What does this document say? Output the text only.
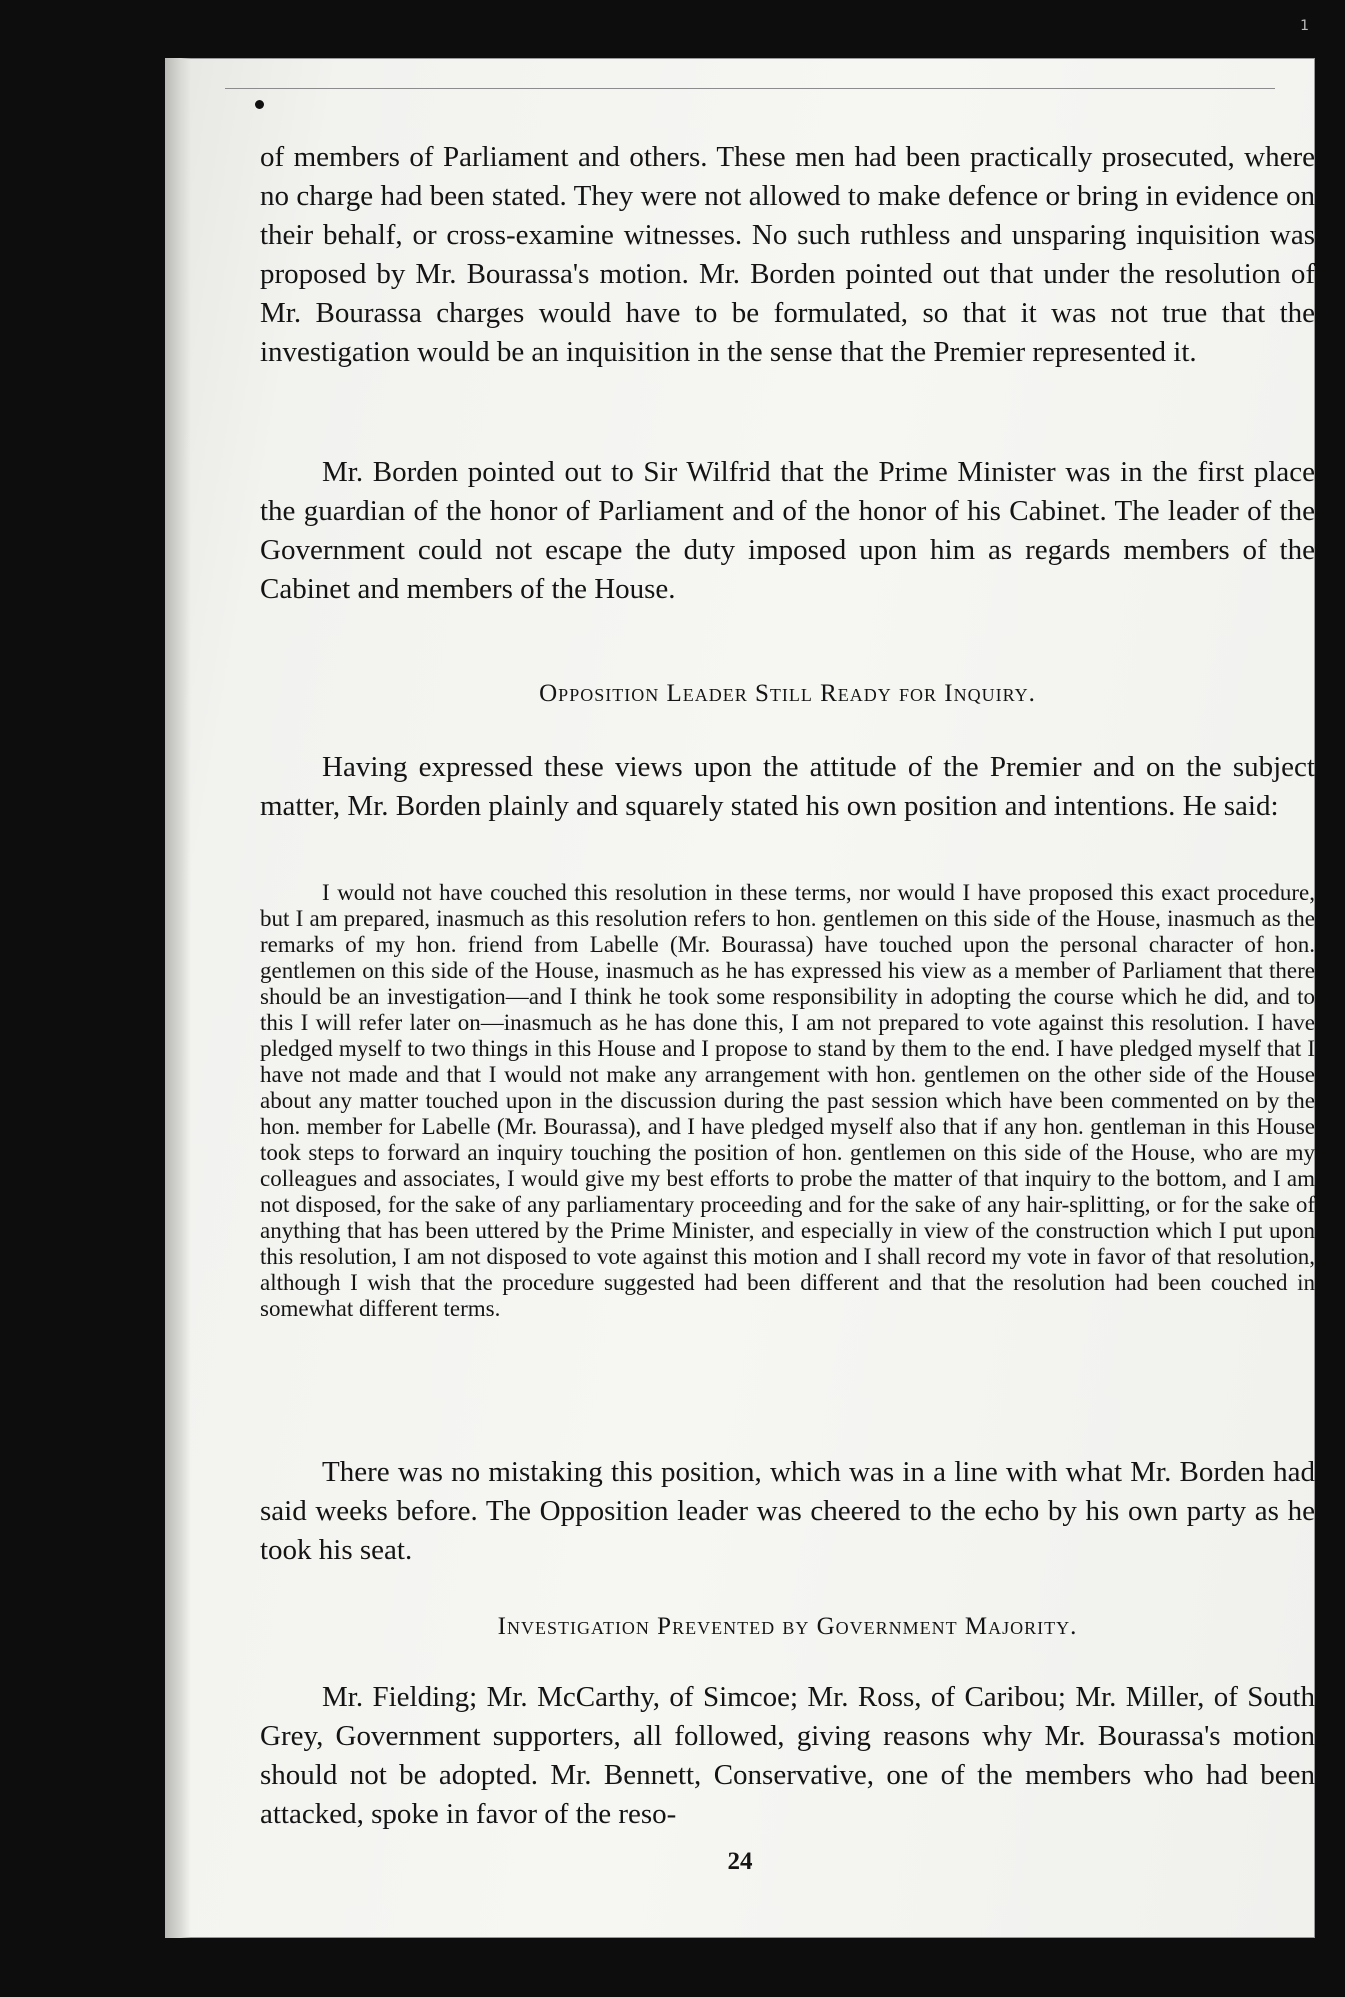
1

of members of Parliament and others. These men had been practically prosecuted, where no charge had been stated. They were not allowed to make defence or bring in evidence on their behalf, or cross-examine witnesses. No such ruthless and unsparing inquisition was proposed by Mr. Bourassa's motion. Mr. Borden pointed out that under the resolution of Mr. Bourassa charges would have to be formulated, so that it was not true that the investigation would be an inquisition in the sense that the Premier represented it.

Mr. Borden pointed out to Sir Wilfrid that the Prime Minister was in the first place the guardian of the honor of Parliament and of the honor of his Cabinet. The leader of the Government could not escape the duty imposed upon him as regards members of the Cabinet and members of the House.

Opposition Leader Still Ready for Inquiry.

Having expressed these views upon the attitude of the Premier and on the subject matter, Mr. Borden plainly and squarely stated his own position and intentions. He said:

I would not have couched this resolution in these terms, nor would I have proposed this exact procedure, but I am prepared, inasmuch as this resolution refers to hon. gentlemen on this side of the House, inasmuch as the remarks of my hon. friend from Labelle (Mr. Bourassa) have touched upon the personal character of hon. gentlemen on this side of the House, inasmuch as he has expressed his view as a member of Parliament that there should be an investigation—and I think he took some responsibility in adopting the course which he did, and to this I will refer later on—inasmuch as he has done this, I am not prepared to vote against this resolution. I have pledged myself to two things in this House and I propose to stand by them to the end. I have pledged myself that I have not made and that I would not make any arrangement with hon. gentlemen on the other side of the House about any matter touched upon in the discussion during the past session which have been commented on by the hon. member for Labelle (Mr. Bourassa), and I have pledged myself also that if any hon. gentleman in this House took steps to forward an inquiry touching the position of hon. gentlemen on this side of the House, who are my colleagues and associates, I would give my best efforts to probe the matter of that inquiry to the bottom, and I am not disposed, for the sake of any parliamentary proceeding and for the sake of any hair-splitting, or for the sake of anything that has been uttered by the Prime Minister, and especially in view of the construction which I put upon this resolution, I am not disposed to vote against this motion and I shall record my vote in favor of that resolution, although I wish that the procedure suggested had been different and that the resolution had been couched in somewhat different terms.

There was no mistaking this position, which was in a line with what Mr. Borden had said weeks before. The Opposition leader was cheered to the echo by his own party as he took his seat.

Investigation Prevented by Government Majority.

Mr. Fielding; Mr. McCarthy, of Simcoe; Mr. Ross, of Caribou; Mr. Miller, of South Grey, Government supporters, all followed, giving reasons why Mr. Bourassa's motion should not be adopted. Mr. Bennett, Conservative, one of the members who had been attacked, spoke in favor of the reso-

24
